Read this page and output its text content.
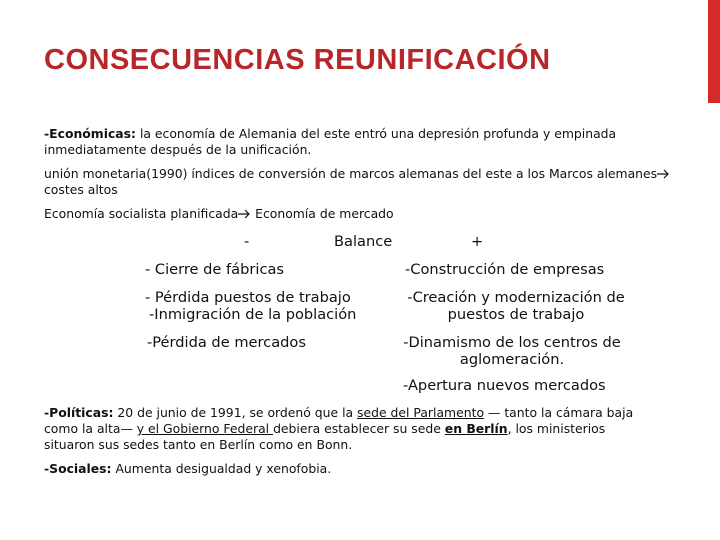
CONSECUENCIAS REUNIFICACIÓN
-Económicas: la economía de Alemania del este entró una depresión profunda y empinada inmediatamente después de la unificación.
unión monetaria(1990) índices de conversión de marcos alemanas del este a los Marcos alemanes costes altos
Economía socialista planificada Economía de mercado
-	Balance	+
- Cierre de fábricas
- Pérdida puestos de trabajo
-Inmigración de la población
-Pérdida de mercados
-Construcción de empresas
-Creación y modernización de
puestos de trabajo
-Dinamismo de los centros de
aglomeración.
-Apertura nuevos mercados
-Políticas: 20 de junio de 1991, se ordenó que la sede del Parlamento — tanto la cámara baja como la alta— y el Gobierno Federal debiera establecer su sede en Berlín, los ministerios situaron sus sedes tanto en Berlín como en Bonn.
-Sociales: Aumenta desigualdad y xenofobia.
